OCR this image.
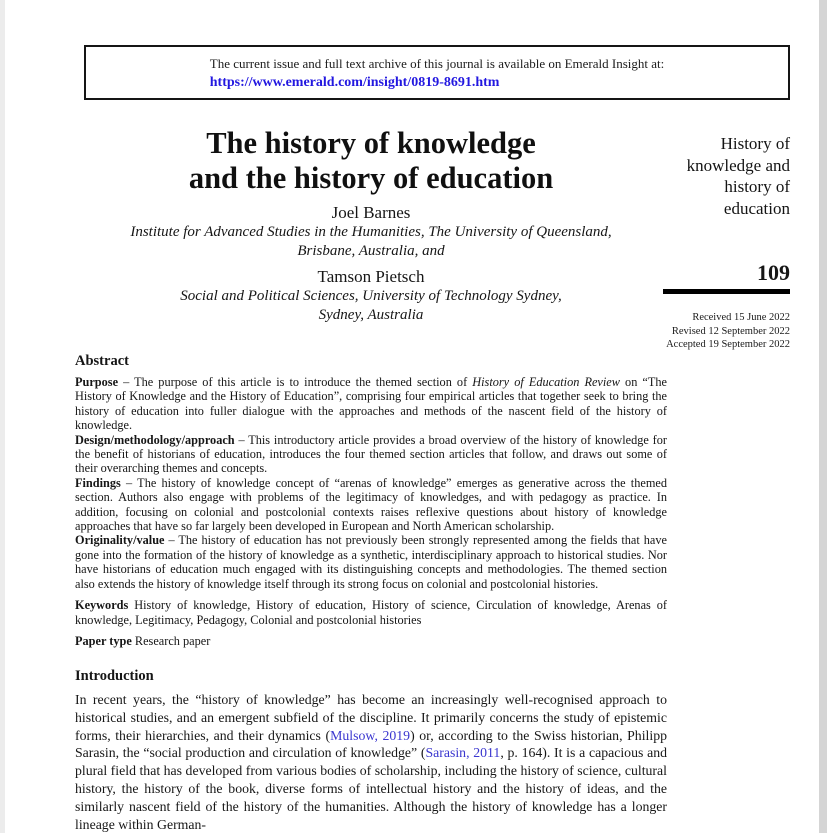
The current issue and full text archive of this journal is available on Emerald Insight at:
https://www.emerald.com/insight/0819-8691.htm
History of knowledge and history of education
109
Received 15 June 2022
Revised 12 September 2022
Accepted 19 September 2022
The history of knowledge
and the history of education
Joel Barnes
Institute for Advanced Studies in the Humanities, The University of Queensland,
Brisbane, Australia, and
Tamson Pietsch
Social and Political Sciences, University of Technology Sydney,
Sydney, Australia
Abstract

Purpose – The purpose of this article is to introduce the themed section of History of Education Review on “The History of Knowledge and the History of Education”, comprising four empirical articles that together seek to bring the history of education into fuller dialogue with the approaches and methods of the nascent field of the history of knowledge.

Design/methodology/approach – This introductory article provides a broad overview of the history of knowledge for the benefit of historians of education, introduces the four themed section articles that follow, and draws out some of their overarching themes and concepts.

Findings – The history of knowledge concept of “arenas of knowledge” emerges as generative across the themed section. Authors also engage with problems of the legitimacy of knowledges, and with pedagogy as practice. In addition, focusing on colonial and postcolonial contexts raises reflexive questions about history of knowledge approaches that have so far largely been developed in European and North American scholarship.

Originality/value – The history of education has not previously been strongly represented among the fields that have gone into the formation of the history of knowledge as a synthetic, interdisciplinary approach to historical studies. Nor have historians of education much engaged with its distinguishing concepts and methodologies. The themed section also extends the history of knowledge itself through its strong focus on colonial and postcolonial histories.

Keywords History of knowledge, History of education, History of science, Circulation of knowledge, Arenas of knowledge, Legitimacy, Pedagogy, Colonial and postcolonial histories

Paper type Research paper

Introduction

In recent years, the “history of knowledge” has become an increasingly well-recognised approach to historical studies, and an emergent subfield of the discipline. It primarily concerns the study of epistemic forms, their hierarchies, and their dynamics (Mulsow, 2019) or, according to the Swiss historian, Philipp Sarasin, the “social production and circulation of knowledge” (Sarasin, 2011, p. 164). It is a capacious and plural field that has developed from various bodies of scholarship, including the history of science, cultural history, the history of the book, diverse forms of intellectual history and the history of ideas, and the similarly nascent field of the history of the humanities. Although the history of knowledge has a longer lineage within German-
